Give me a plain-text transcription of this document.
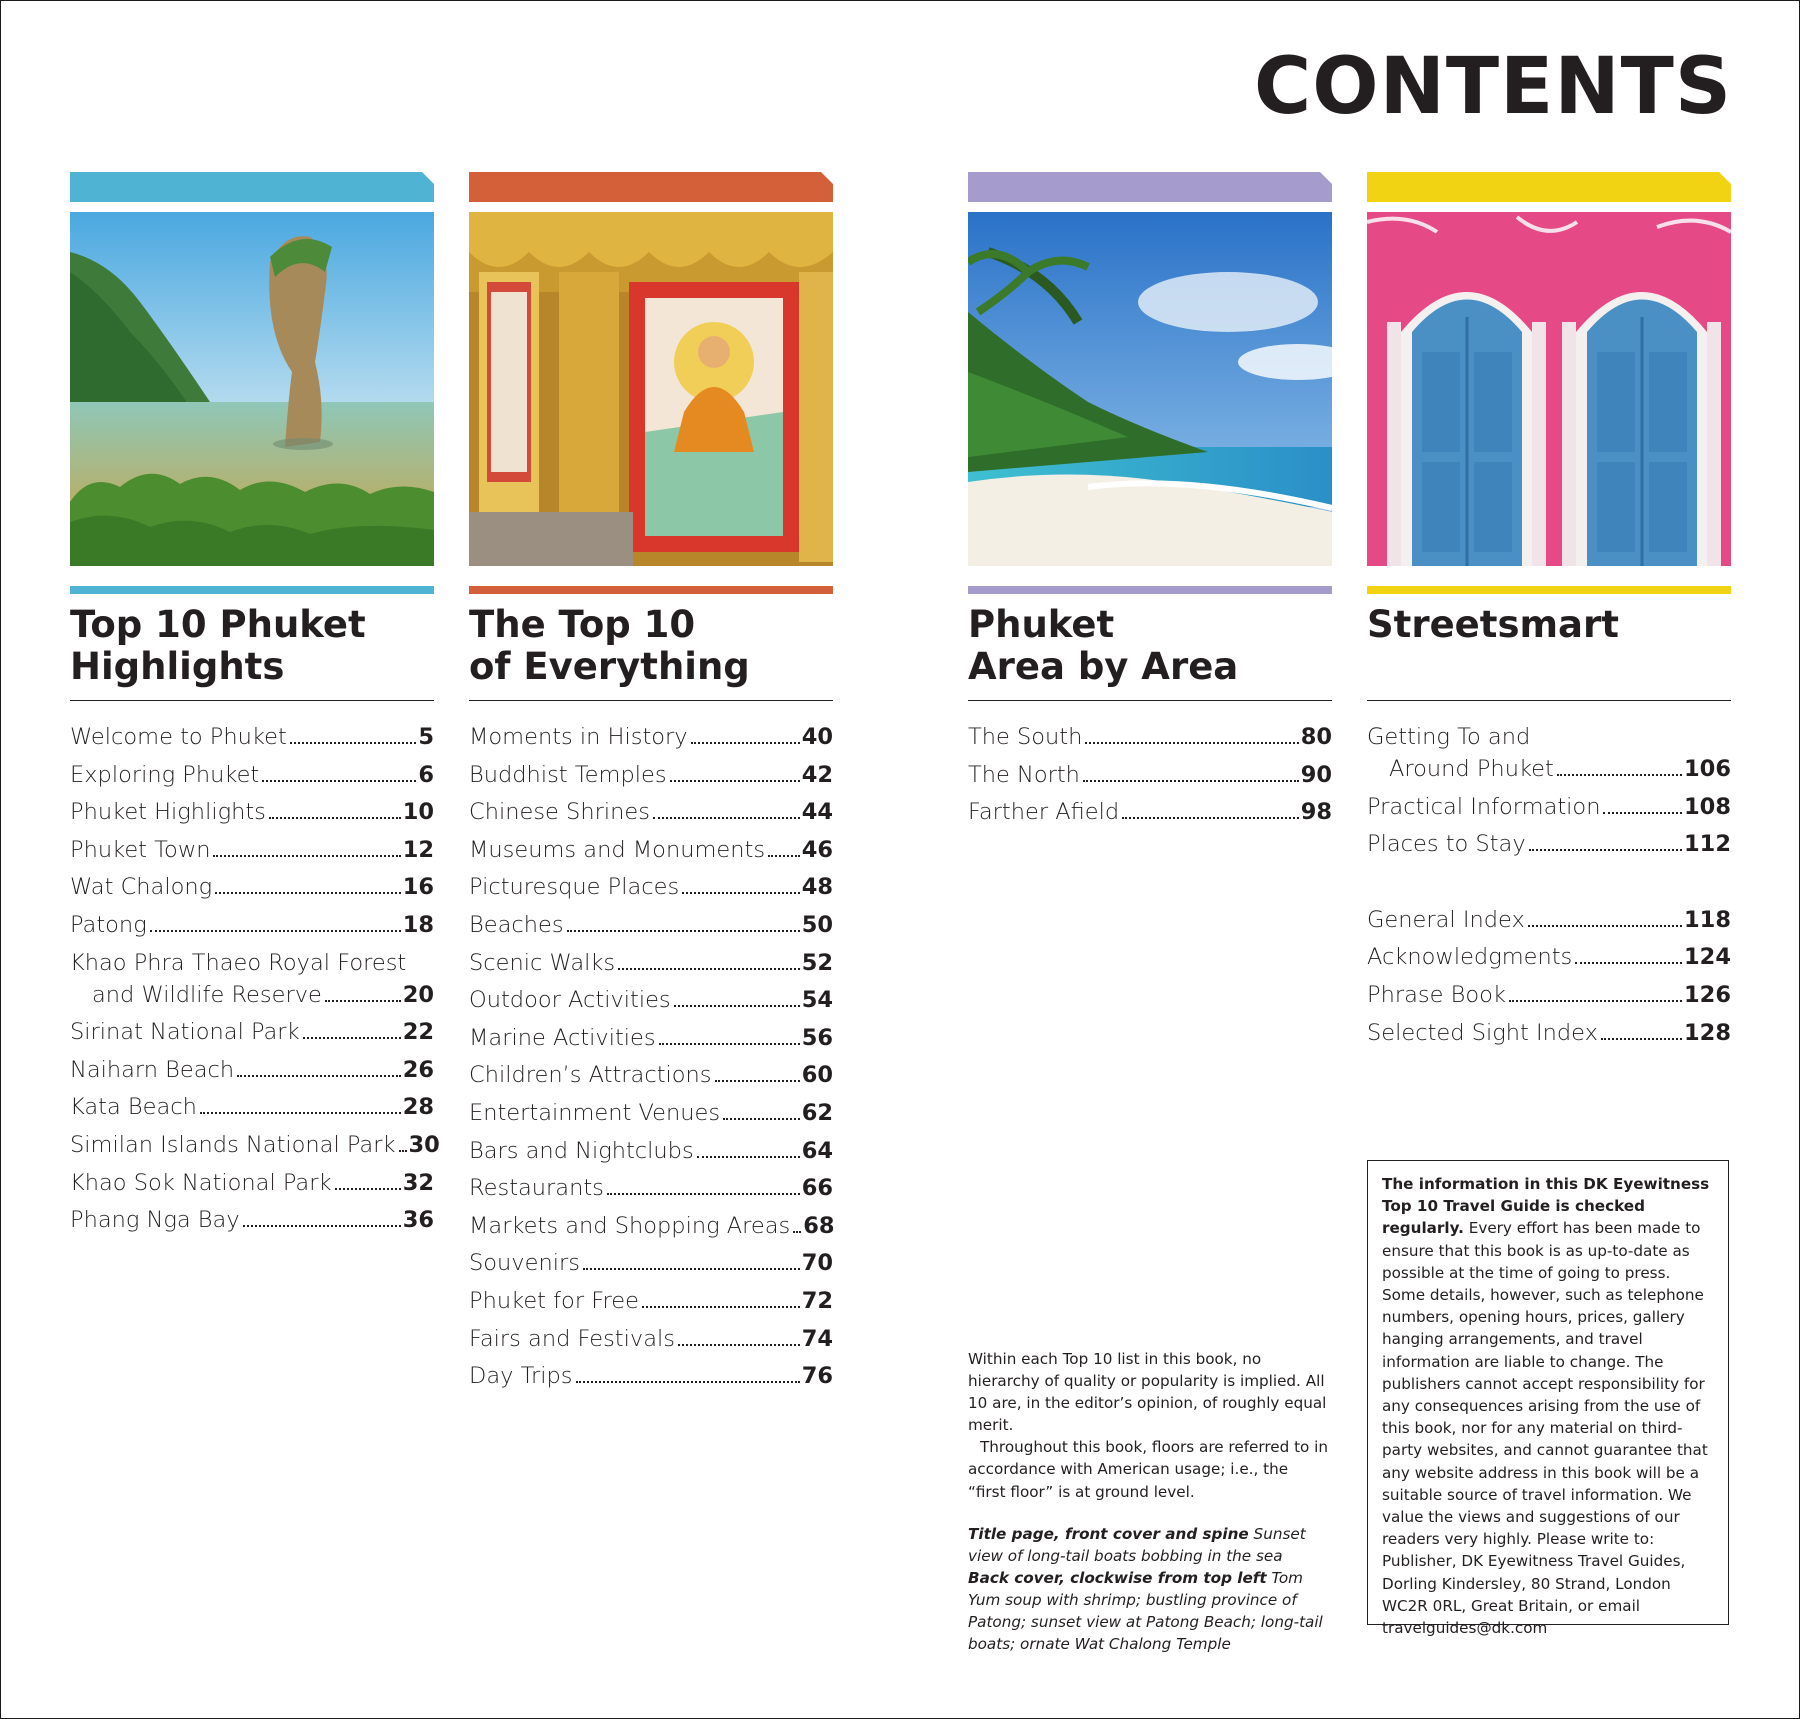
CONTENTS
Top 10 Phuket
Highlights
Welcome to Phuket	5
Exploring Phuket	6
Phuket Highlights	10
Phuket Town	12
Wat Chalong	16
Patong	18
Khao Phra Thaeo Royal Forest
and Wildlife Reserve	20
Sirinat National Park	22
Naiharn Beach	26
Kata Beach	28
Similan Islands National Park 30
Khao Sok National Park	32
Phang Nga Bay	36
The Top 10
of Everything
Moments in History	40
Buddhist Temples	42
Chinese Shrines	44
Museums and Monuments 46
Picturesque Places	48
Beaches	50
Scenic Walks	52
Outdoor Activities	54
Marine Activities	56
Children’s Attractions	60
Entertainment Venues	62
Bars and Nightclubs	64
Restaurants	66
Markets and Shopping Areas 68
Souvenirs	70
Phuket for Free	72
Fairs and Festivals	74
Day Trips	76
Phuket
Area by Area
The South	80
The North	90
Farther Afield	98
Streetsmart
Getting To and
Around Phuket	106
Practical Information	108
Places to Stay	112
General Index	118
Acknowledgments	124
Phrase Book	126
Selected Sight Index	128

Within each Top 10 list in this book, no hierarchy of quality or popularity is implied. All 10 are, in the editor’s opinion, of roughly equal merit.

Throughout this book, floors are referred to in accordance with American usage; i.e., the “first floor” is at ground level.

Title page, front cover and spine Sunset view of long-tail boats bobbing in the sea
Back cover, clockwise from top left Tom Yum soup with shrimp; bustling province of Patong; sunset view at Patong Beach; long-tail boats; ornate Wat Chalong Temple

The information in this DK Eyewitness Top 10 Travel Guide is checked regularly. Every effort has been made to ensure that this book is as up-to-date as possible at the time of going to press. Some details, however, such as telephone numbers, opening hours, prices, gallery hanging arrangements, and travel information are liable to change. The publishers cannot accept responsibility for any consequences arising from the use of this book, nor for any material on third-party websites, and cannot guarantee that any website address in this book will be a suitable source of travel information. We value the views and suggestions of our readers very highly. Please write to: Publisher, DK Eyewitness Travel Guides, Dorling Kindersley, 80 Strand, London WC2R 0RL, Great Britain, or email travelguides@dk.com
